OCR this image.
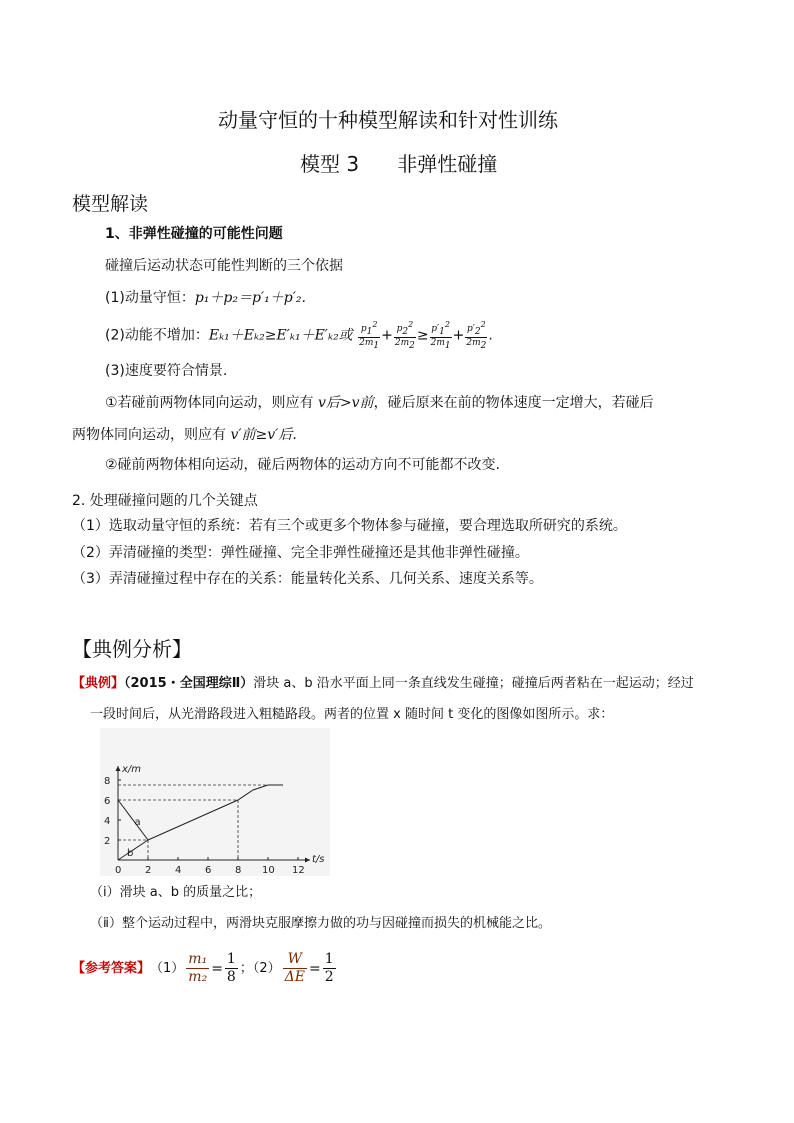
动量守恒的十种模型解读和针对性训练
模型 3      非弹性碰撞
模型解读
1、非弹性碰撞的可能性问题
碰撞后运动状态可能性判断的三个依据
(1)动量守恒：p₁＋p₂＝p′₁＋p′₂.
(2)动能不增加：Eₖ₁＋Eₖ₂≥E′ₖ₁＋E′ₖ₂或 $\frac{p_1^2}{2m_1} + \frac{p_2^2}{2m_2} \ge \frac{p'_1^2}{2m_1} + \frac{p'_2^2}{2m_2}$ .
(3)速度要符合情景.
①若碰前两物体同向运动，则应有 v后>v前，碰后原来在前的物体速度一定增大，若碰后
两物体同向运动，则应有 v′前≥v′后.
②碰前两物体相向运动，碰后两物体的运动方向不可能都不改变.
2. 处理碰撞问题的几个关键点
（1）选取动量守恒的系统：若有三个或更多个物体参与碰撞，要合理选取所研究的系统。
（2）弄清碰撞的类型：弹性碰撞、完全非弹性碰撞还是其他非弹性碰撞。
（3）弄清碰撞过程中存在的关系：能量转化关系、几何关系、速度关系等。
【典例分析】
【典例】（2015・全国理综Ⅱ）滑块 a、b 沿水平面上同一条直线发生碰撞；碰撞后两者粘在一起运动；经过
一段时间后，从光滑路段进入粗糙路段。两者的位置 x 随时间 t 变化的图像如图所示。求：
x/m
t/s
0 2 4 6 8 10 12
2
4
6
8
a
b
（ⅰ）滑块 a、b 的质量之比；
（ⅱ）整个运动过程中，两滑块克服摩擦力做的功与因碰撞而损失的机械能之比。
【参考答案】 $(1) \frac{\text{m₁}}{\text{m₂}} = \frac{1}{8}$ ；$(2) \frac{W}{\Delta E} = \frac{1}{2}$
